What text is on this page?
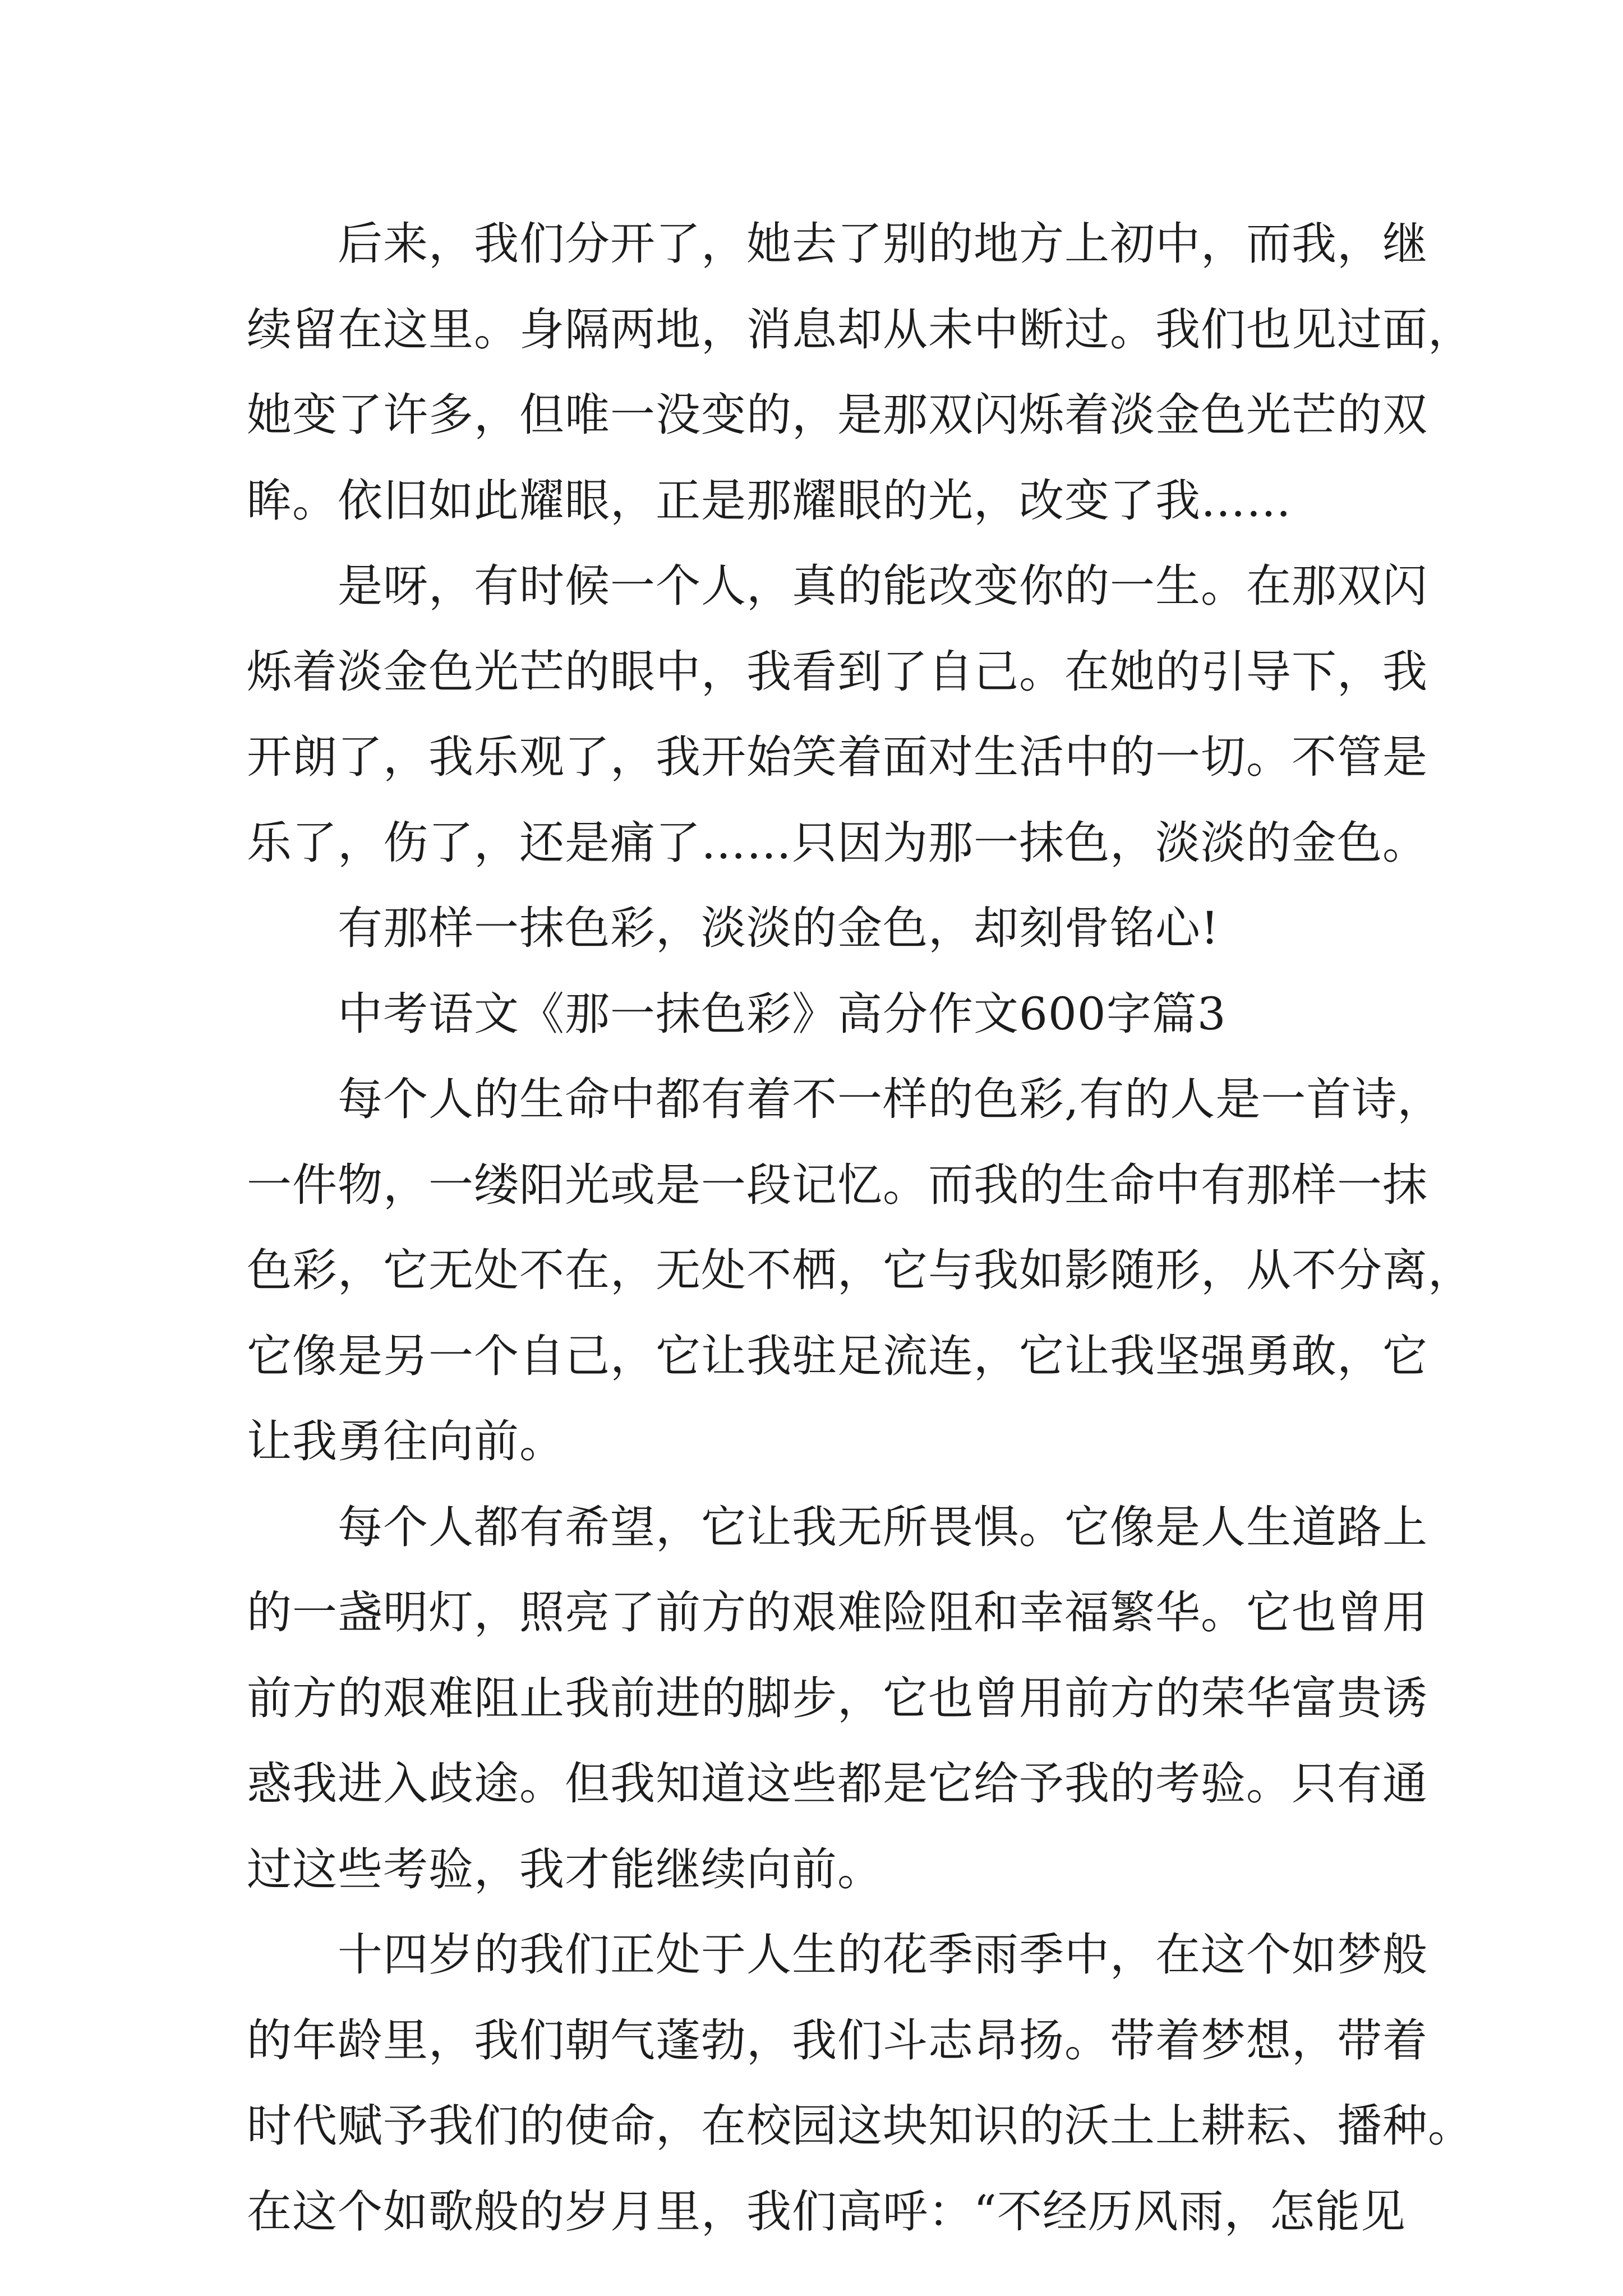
后来，我们分开了，她去了别的地方上初中，而我，继
续留在这里。身隔两地，消息却从未中断过。我们也见过面，
她变了许多，但唯一没变的，是那双闪烁着淡金色光芒的双
眸。依旧如此耀眼，正是那耀眼的光，改变了我……
是呀，有时候一个人，真的能改变你的一生。在那双闪
烁着淡金色光芒的眼中，我看到了自己。在她的引导下，我
开朗了，我乐观了，我开始笑着面对生活中的一切。不管是
乐了，伤了，还是痛了……只因为那一抹色，淡淡的金色。
有那样一抹色彩，淡淡的金色，却刻骨铭心!
中考语文《那一抹色彩》高分作文600字篇3
每个人的生命中都有着不一样的色彩,有的人是一首诗，
一件物，一缕阳光或是一段记忆。而我的生命中有那样一抹
色彩，它无处不在，无处不栖，它与我如影随形，从不分离，
它像是另一个自己，它让我驻足流连，它让我坚强勇敢，它
让我勇往向前。
每个人都有希望，它让我无所畏惧。它像是人生道路上
的一盏明灯，照亮了前方的艰难险阻和幸福繁华。它也曾用
前方的艰难阻止我前进的脚步，它也曾用前方的荣华富贵诱
惑我进入歧途。但我知道这些都是它给予我的考验。只有通
过这些考验，我才能继续向前。
十四岁的我们正处于人生的花季雨季中，在这个如梦般
的年龄里，我们朝气蓬勃，我们斗志昂扬。带着梦想，带着
时代赋予我们的使命，在校园这块知识的沃土上耕耘、播种。
在这个如歌般的岁月里，我们高呼：“不经历风雨，怎能见
